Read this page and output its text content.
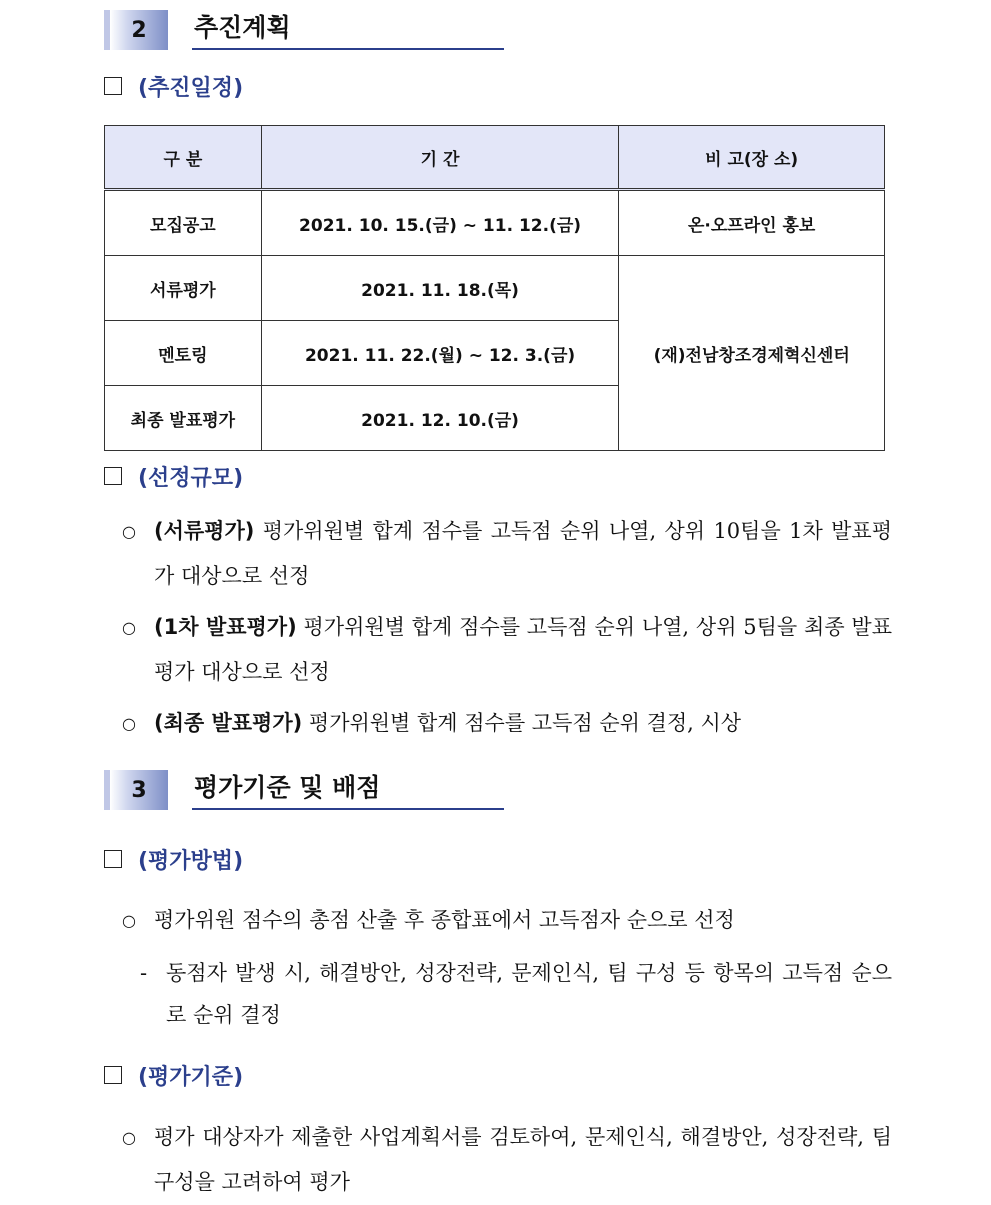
2	추진계획
(추진일정)
구 분	기 간	비 고(장 소)
모집공고	2021. 10. 15.(금) ~ 11. 12.(금)	온·오프라인 홍보
서류평가	2021. 11. 18.(목)	(재)전남창조경제혁신센터
멘토링	2021. 11. 22.(월) ~ 12. 3.(금)	
최종 발표평가	2021. 12. 10.(금)	
(선정규모)
○ (서류평가) 평가위원별 합계 점수를 고득점 순위 나열, 상위 10팀을 1차 발표평가 대상으로 선정
○ (1차 발표평가) 평가위원별 합계 점수를 고득점 순위 나열, 상위 5팀을 최종 발표평가 대상으로 선정
○ (최종 발표평가) 평가위원별 합계 점수를 고득점 순위 결정, 시상
3	평가기준 및 배점
(평가방법)
○ 평가위원 점수의 총점 산출 후 종합표에서 고득점자 순으로 선정
- 동점자 발생 시, 해결방안, 성장전략, 문제인식, 팀 구성 등 항목의 고득점 순으로 순위 결정
(평가기준)
○ 평가 대상자가 제출한 사업계획서를 검토하여, 문제인식, 해결방안, 성장전략, 팀 구성을 고려하여 평가
